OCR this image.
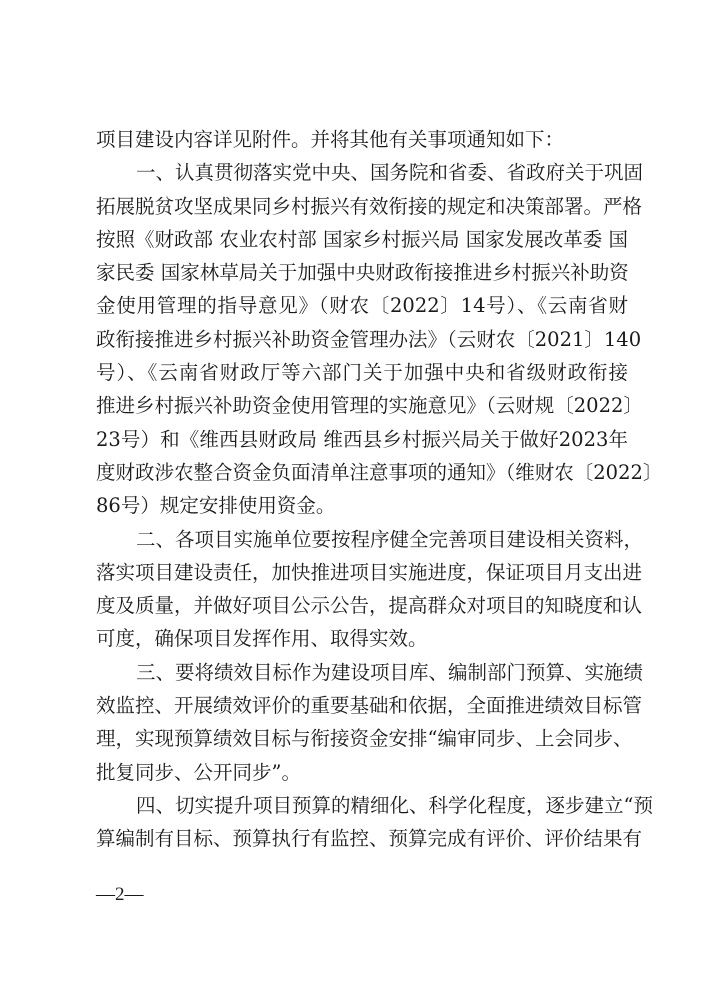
项目建设内容详见附件。并将其他有关事项通知如下：
一、认真贯彻落实党中央、国务院和省委、省政府关于巩固
拓展脱贫攻坚成果同乡村振兴有效衔接的规定和决策部署。严格
按照《财政部 农业农村部 国家乡村振兴局 国家发展改革委 国
家民委 国家林草局关于加强中央财政衔接推进乡村振兴补助资
金使用管理的指导意见》（财农〔2022〕14号）、《云南省财
政衔接推进乡村振兴补助资金管理办法》（云财农〔2021〕140
号）、《云南省财政厅等六部门关于加强中央和省级财政衔接
推进乡村振兴补助资金使用管理的实施意见》（云财规〔2022〕
23号）和《维西县财政局 维西县乡村振兴局关于做好2023年
度财政涉农整合资金负面清单注意事项的通知》（维财农〔2022〕
86号）规定安排使用资金。
二、各项目实施单位要按程序健全完善项目建设相关资料，
落实项目建设责任，加快推进项目实施进度，保证项目月支出进
度及质量，并做好项目公示公告，提高群众对项目的知晓度和认
可度，确保项目发挥作用、取得实效。
三、要将绩效目标作为建设项目库、编制部门预算、实施绩
效监控、开展绩效评价的重要基础和依据，全面推进绩效目标管
理，实现预算绩效目标与衔接资金安排“编审同步、上会同步、
批复同步、公开同步”。
四、切实提升项目预算的精细化、科学化程度，逐步建立“预
算编制有目标、预算执行有监控、预算完成有评价、评价结果有
—2—
